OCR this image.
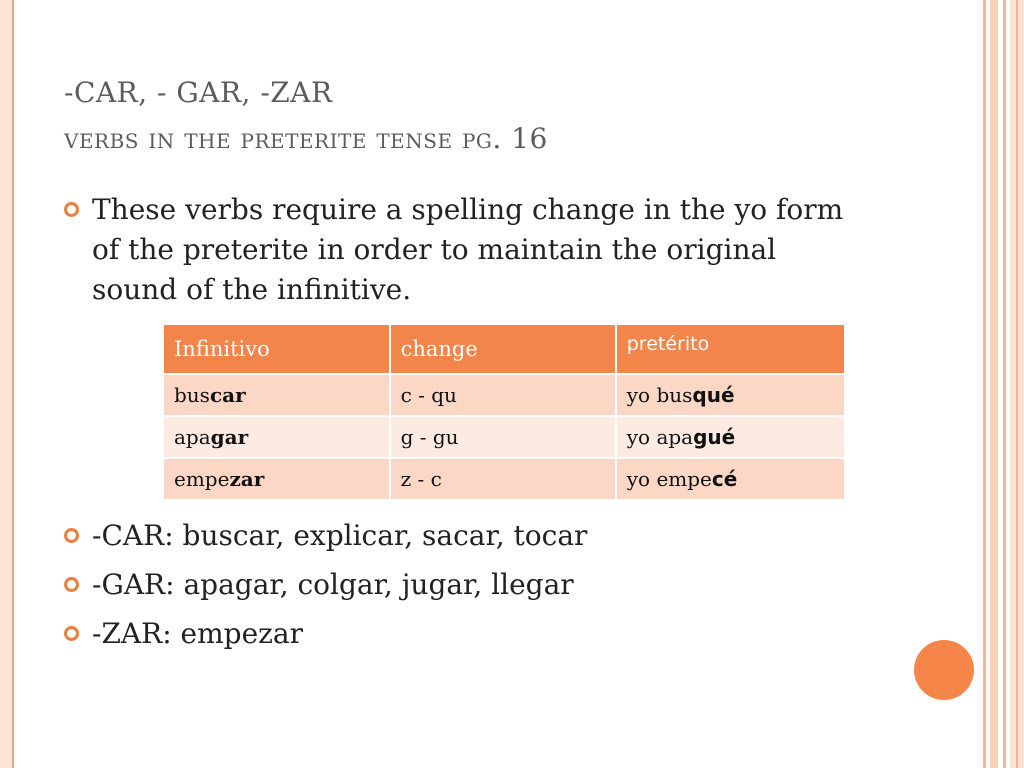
-CAR, - GAR, -ZAR
verbs in the preterite tense pg. 16
These verbs require a spelling change in the yo form of the preterite in order to maintain the original sound of the infinitive.
Infinitivo	change	pretérito
buscar	c - qu	yo busqué
apagar	g - gu	yo apagué
empezar	z - c	yo empecé
-CAR: buscar, explicar, sacar, tocar
-GAR: apagar, colgar, jugar, llegar
-ZAR: empezar
